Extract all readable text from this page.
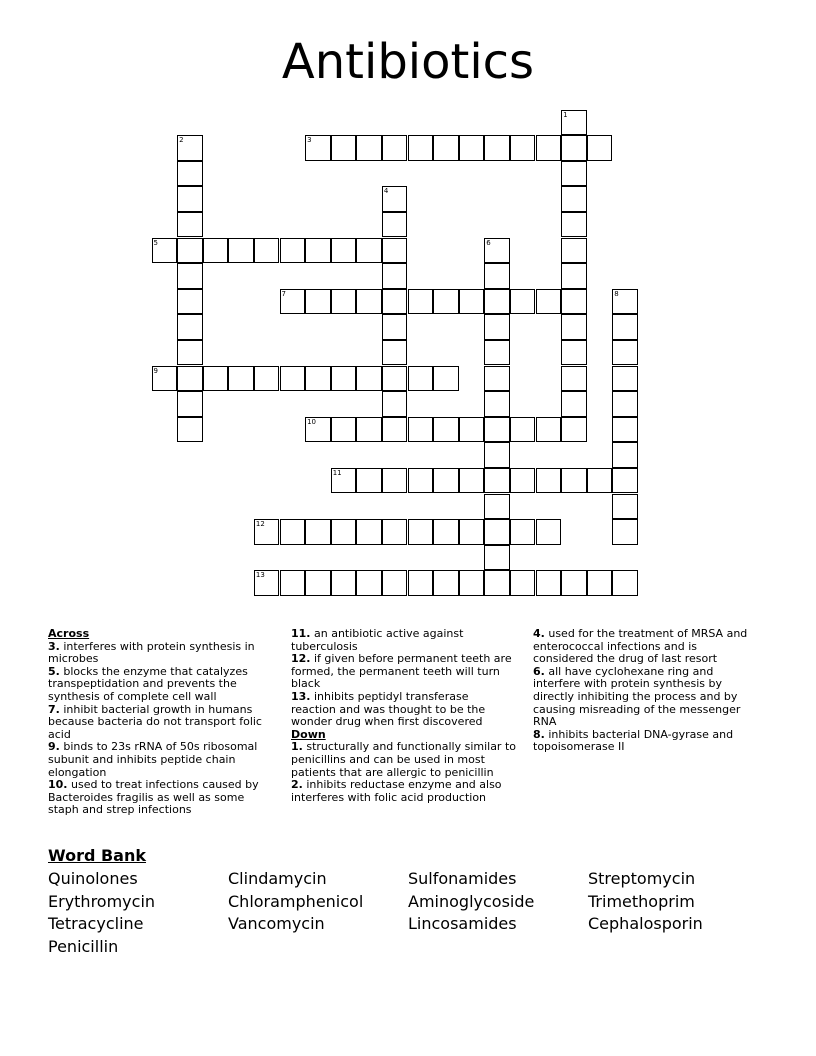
Antibiotics
1
2	3
4
5	6
7	8
9
10
11
12
13
Across
3. interferes with protein synthesis in microbes
5. blocks the enzyme that catalyzes transpeptidation and prevents the synthesis of complete cell wall
7. inhibit bacterial growth in humans because bacteria do not transport folic acid
9. binds to 23s rRNA of 50s ribosomal subunit and inhibits peptide chain elongation
10. used to treat infections caused by Bacteroides fragilis as well as some staph and strep infections
11. an antibiotic active against tuberculosis
12. if given before permanent teeth are formed, the permanent teeth will turn black
13. inhibits peptidyl transferase reaction and was thought to be the wonder drug when first discovered
Down
1. structurally and functionally similar to penicillins and can be used in most patients that are allergic to penicillin
2. inhibits reductase enzyme and also interferes with folic acid production
4. used for the treatment of MRSA and enterococcal infections and is considered the drug of last resort
6. all have cyclohexane ring and interfere with protein synthesis by directly inhibiting the process and by causing misreading of the messenger RNA
8. inhibits bacterial DNA-gyrase and topoisomerase II
Word Bank
Quinolones
Erythromycin
Tetracycline
Penicillin
Clindamycin
Chloramphenicol
Vancomycin
Sulfonamides
Aminoglycoside
Lincosamides
Streptomycin
Trimethoprim
Cephalosporin
